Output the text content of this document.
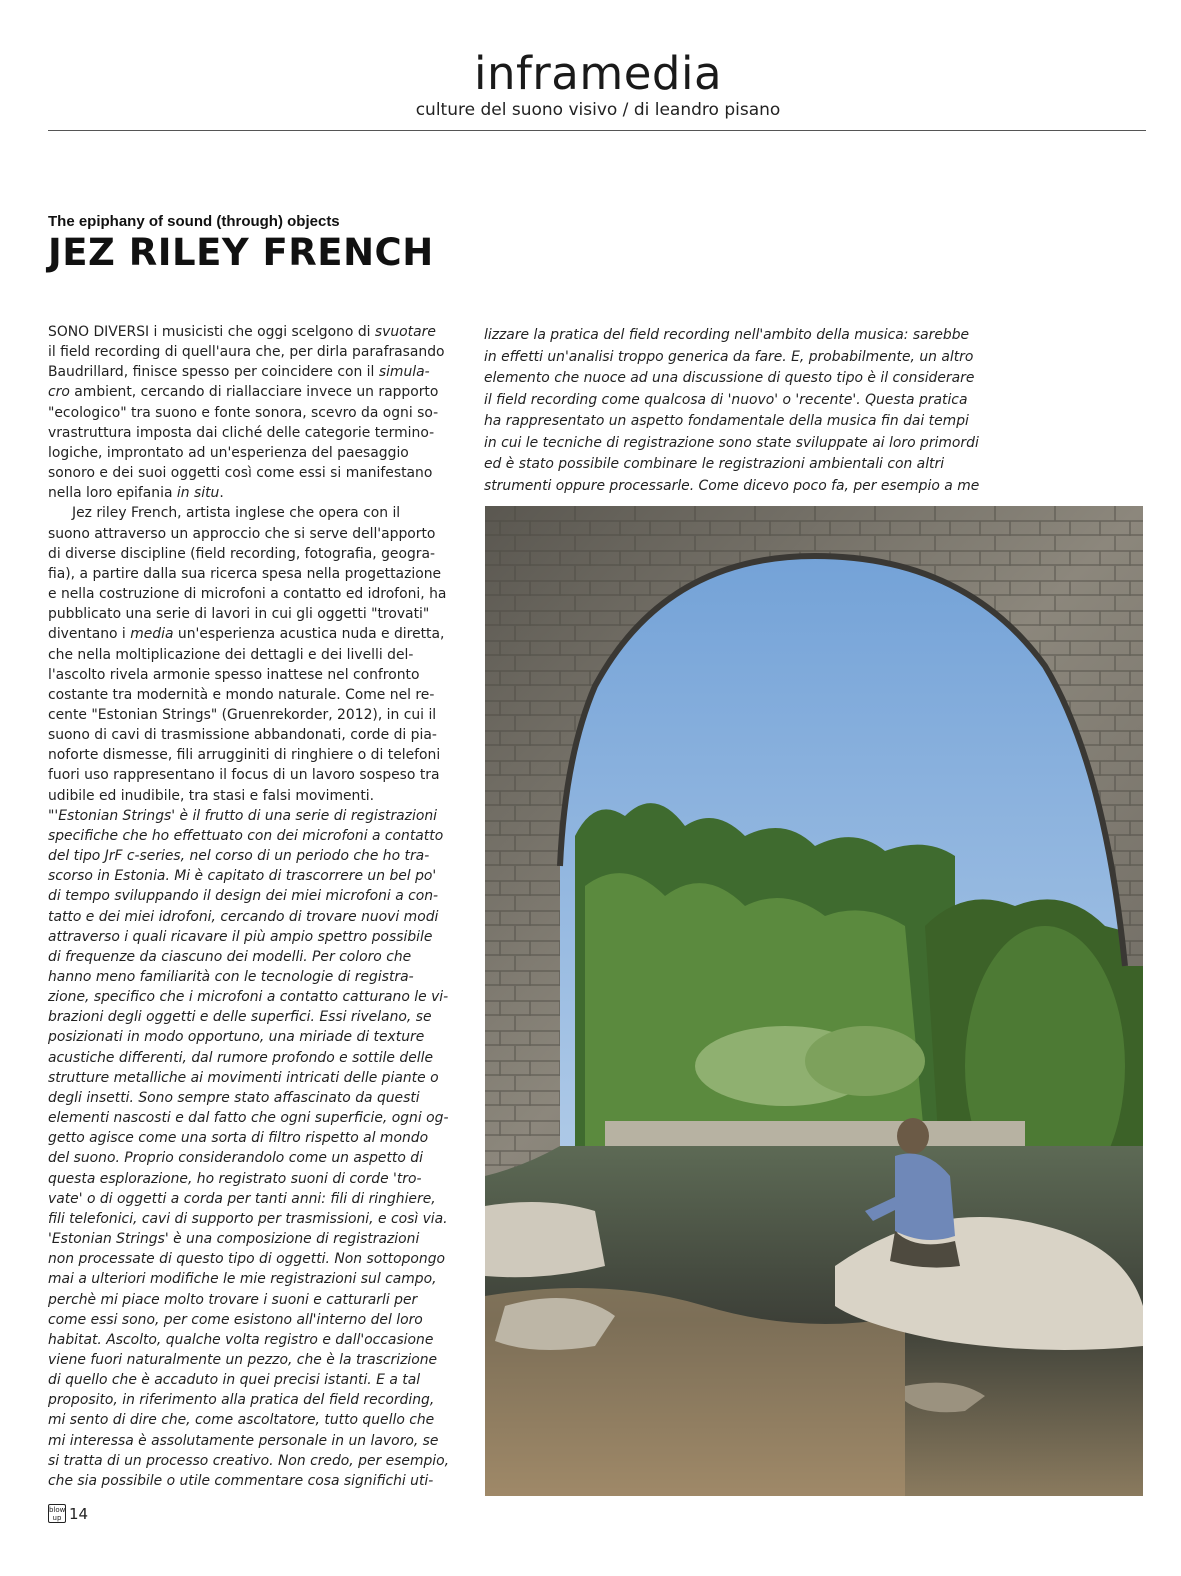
inframedia
culture del suono visivo / di leandro pisano
The epiphany of sound (through) objects
JEZ RILEY FRENCH
SONO DIVERSI i musicisti che oggi scelgono di svuotare
il field recording di quell'aura che, per dirla parafrasando
Baudrillard, finisce spesso per coincidere con il simula-
cro ambient, cercando di riallacciare invece un rapporto
"ecologico" tra suono e fonte sonora, scevro da ogni so-
vrastruttura imposta dai cliché delle categorie termino-
logiche, improntato ad un'esperienza del paesaggio
sonoro e dei suoi oggetti così come essi si manifestano
nella loro epifania in situ.
Jez riley French, artista inglese che opera con il
suono attraverso un approccio che si serve dell'apporto
di diverse discipline (field recording, fotografia, geogra-
fia), a partire dalla sua ricerca spesa nella progettazione
e nella costruzione di microfoni a contatto ed idrofoni, ha
pubblicato una serie di lavori in cui gli oggetti "trovati"
diventano i media un'esperienza acustica nuda e diretta,
che nella moltiplicazione dei dettagli e dei livelli del-
l'ascolto rivela armonie spesso inattese nel confronto
costante tra modernità e mondo naturale. Come nel re-
cente "Estonian Strings" (Gruenrekorder, 2012), in cui il
suono di cavi di trasmissione abbandonati, corde di pia-
noforte dismesse, fili arrugginiti di ringhiere o di telefoni
fuori uso rappresentano il focus di un lavoro sospeso tra
udibile ed inudibile, tra stasi e falsi movimenti.
"'Estonian Strings' è il frutto di una serie di registrazioni
specifiche che ho effettuato con dei microfoni a contatto
del tipo JrF c-series, nel corso di un periodo che ho tra-
scorso in Estonia. Mi è capitato di trascorrere un bel po'
di tempo sviluppando il design dei miei microfoni a con-
tatto e dei miei idrofoni, cercando di trovare nuovi modi
attraverso i quali ricavare il più ampio spettro possibile
di frequenze da ciascuno dei modelli. Per coloro che
hanno meno familiarità con le tecnologie di registra-
zione, specifico che i microfoni a contatto catturano le vi-
brazioni degli oggetti e delle superfici. Essi rivelano, se
posizionati in modo opportuno, una miriade di texture
acustiche differenti, dal rumore profondo e sottile delle
strutture metalliche ai movimenti intricati delle piante o
degli insetti. Sono sempre stato affascinato da questi
elementi nascosti e dal fatto che ogni superficie, ogni og-
getto agisce come una sorta di filtro rispetto al mondo
del suono. Proprio considerandolo come un aspetto di
questa esplorazione, ho registrato suoni di corde 'tro-
vate' o di oggetti a corda per tanti anni: fili di ringhiere,
fili telefonici, cavi di supporto per trasmissioni, e così via.
'Estonian Strings' è una composizione di registrazioni
non processate di questo tipo di oggetti. Non sottopongo
mai a ulteriori modifiche le mie registrazioni sul campo,
perchè mi piace molto trovare i suoni e catturarli per
come essi sono, per come esistono all'interno del loro
habitat. Ascolto, qualche volta registro e dall'occasione
viene fuori naturalmente un pezzo, che è la trascrizione
di quello che è accaduto in quei precisi istanti. E a tal
proposito, in riferimento alla pratica del field recording,
mi sento di dire che, come ascoltatore, tutto quello che
mi interessa è assolutamente personale in un lavoro, se
si tratta di un processo creativo. Non credo, per esempio,
che sia possibile o utile commentare cosa significhi uti-
lizzare la pratica del field recording nell'ambito della musica: sarebbe
in effetti un'analisi troppo generica da fare. E, probabilmente, un altro
elemento che nuoce ad una discussione di questo tipo è il considerare
il field recording come qualcosa di 'nuovo' o 'recente'. Questa pratica
ha rappresentato un aspetto fondamentale della musica fin dai tempi
in cui le tecniche di registrazione sono state sviluppate ai loro primordi
ed è stato possibile combinare le registrazioni ambientali con altri
strumenti oppure processarle. Come dicevo poco fa, per esempio a me
blow up 14
